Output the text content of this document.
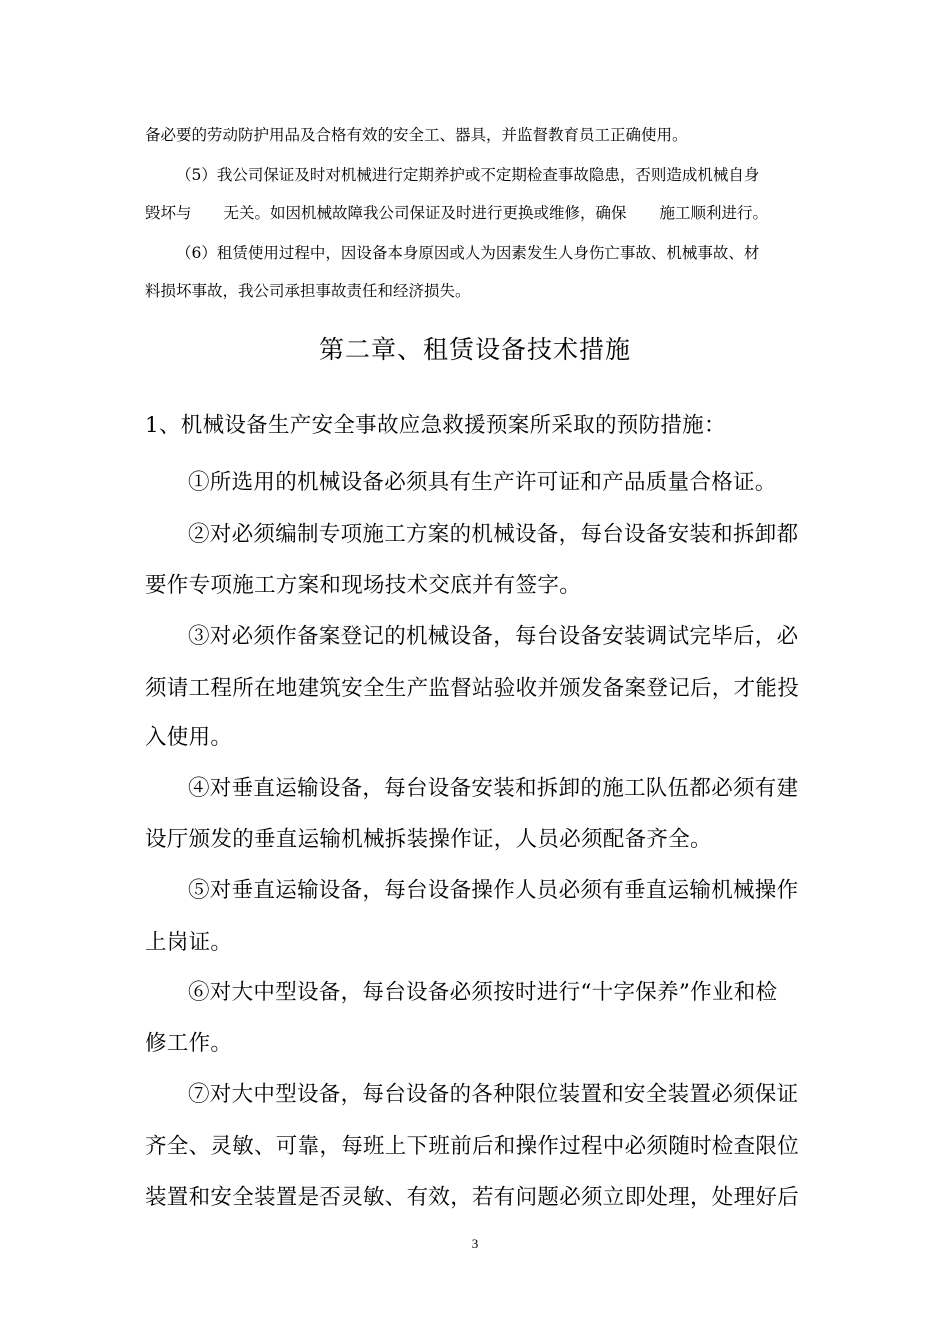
备必要的劳动防护用品及合格有效的安全工、器具，并监督教育员工正确使用。
（5）我公司保证及时对机械进行定期养护或不定期检查事故隐患，否则造成机械自身
毁坏与 无关。如因机械故障我公司保证及时进行更换或维修，确保 施工顺利进行。
（6）租赁使用过程中，因设备本身原因或人为因素发生人身伤亡事故、机械事故、材
料损坏事故，我公司承担事故责任和经济损失。
第二章、租赁设备技术措施
1、机械设备生产安全事故应急救援预案所采取的预防措施：
①所选用的机械设备必须具有生产许可证和产品质量合格证。
②对必须编制专项施工方案的机械设备，每台设备安装和拆卸都
要作专项施工方案和现场技术交底并有签字。
③对必须作备案登记的机械设备，每台设备安装调试完毕后，必
须请工程所在地建筑安全生产监督站验收并颁发备案登记后，才能投
入使用。
④对垂直运输设备，每台设备安装和拆卸的施工队伍都必须有建
设厅颁发的垂直运输机械拆装操作证，人员必须配备齐全。
⑤对垂直运输设备，每台设备操作人员必须有垂直运输机械操作
上岗证。
⑥对大中型设备，每台设备必须按时进行“十字保养”作业和检
修工作。
⑦对大中型设备，每台设备的各种限位装置和安全装置必须保证
齐全、灵敏、可靠，每班上下班前后和操作过程中必须随时检查限位
装置和安全装置是否灵敏、有效，若有问题必须立即处理，处理好后
3
